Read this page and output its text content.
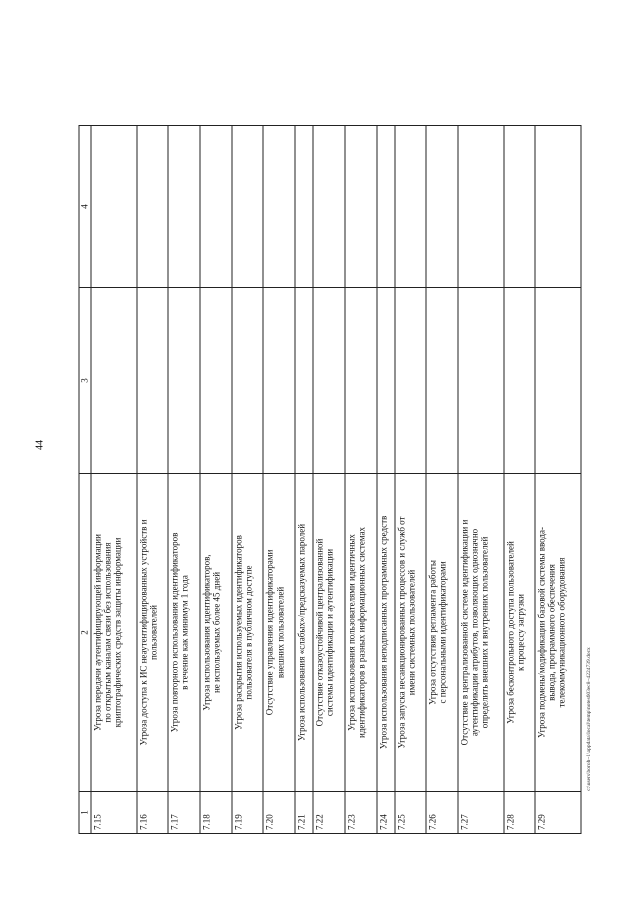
44
1	2	3	4
7.15	Угроза передачи аутентифицирующей информации
по открытым каналам связи без использования
криптографических средств защиты информации		
7.16	Угроза доступа к ИС неаутентифицированных устройств и
пользователей		
7.17	Угроза повторного использования идентификаторов
в течение как минимум 1 года		
7.18	Угроза использования идентификаторов,
не используемых более 45 дней		
7.19	Угроза раскрытия используемых идентификаторов
пользователя в публичном доступе		
7.20	Отсутствие управления идентификаторами
внешних пользователей		
7.21	Угроза использования «слабых»/предсказуемых паролей		
7.22	Отсутствие отказоустойчивой централизованной
системы идентификации и аутентификации		
7.23	Угроза использования пользователями идентичных
идентификаторов в разных информационных системах		
7.24	Угроза использования неподписанных программных средств		
7.25	Угроза запуска несанкционированных процессов и служб от
имени системных пользователей		
7.26	Угроза отсутствия регламента работы
с персональными идентификаторами		
7.27	Отсутствие в централизованной системе идентификации и
аутентификации атрибутов, позволяющих однозначно
определить внешних и внутренних пользователей		
7.28	Угроза бесконтрольного доступа пользователей
к процессу загрузки		
7.29	Угроза подмены/модификации базовой системы ввода-
вывода, программного обеспечения
телекоммуникационного оборудования		
c:\users\boroh~1\appdata\local\temp\notes603ec8~4224739.docx
